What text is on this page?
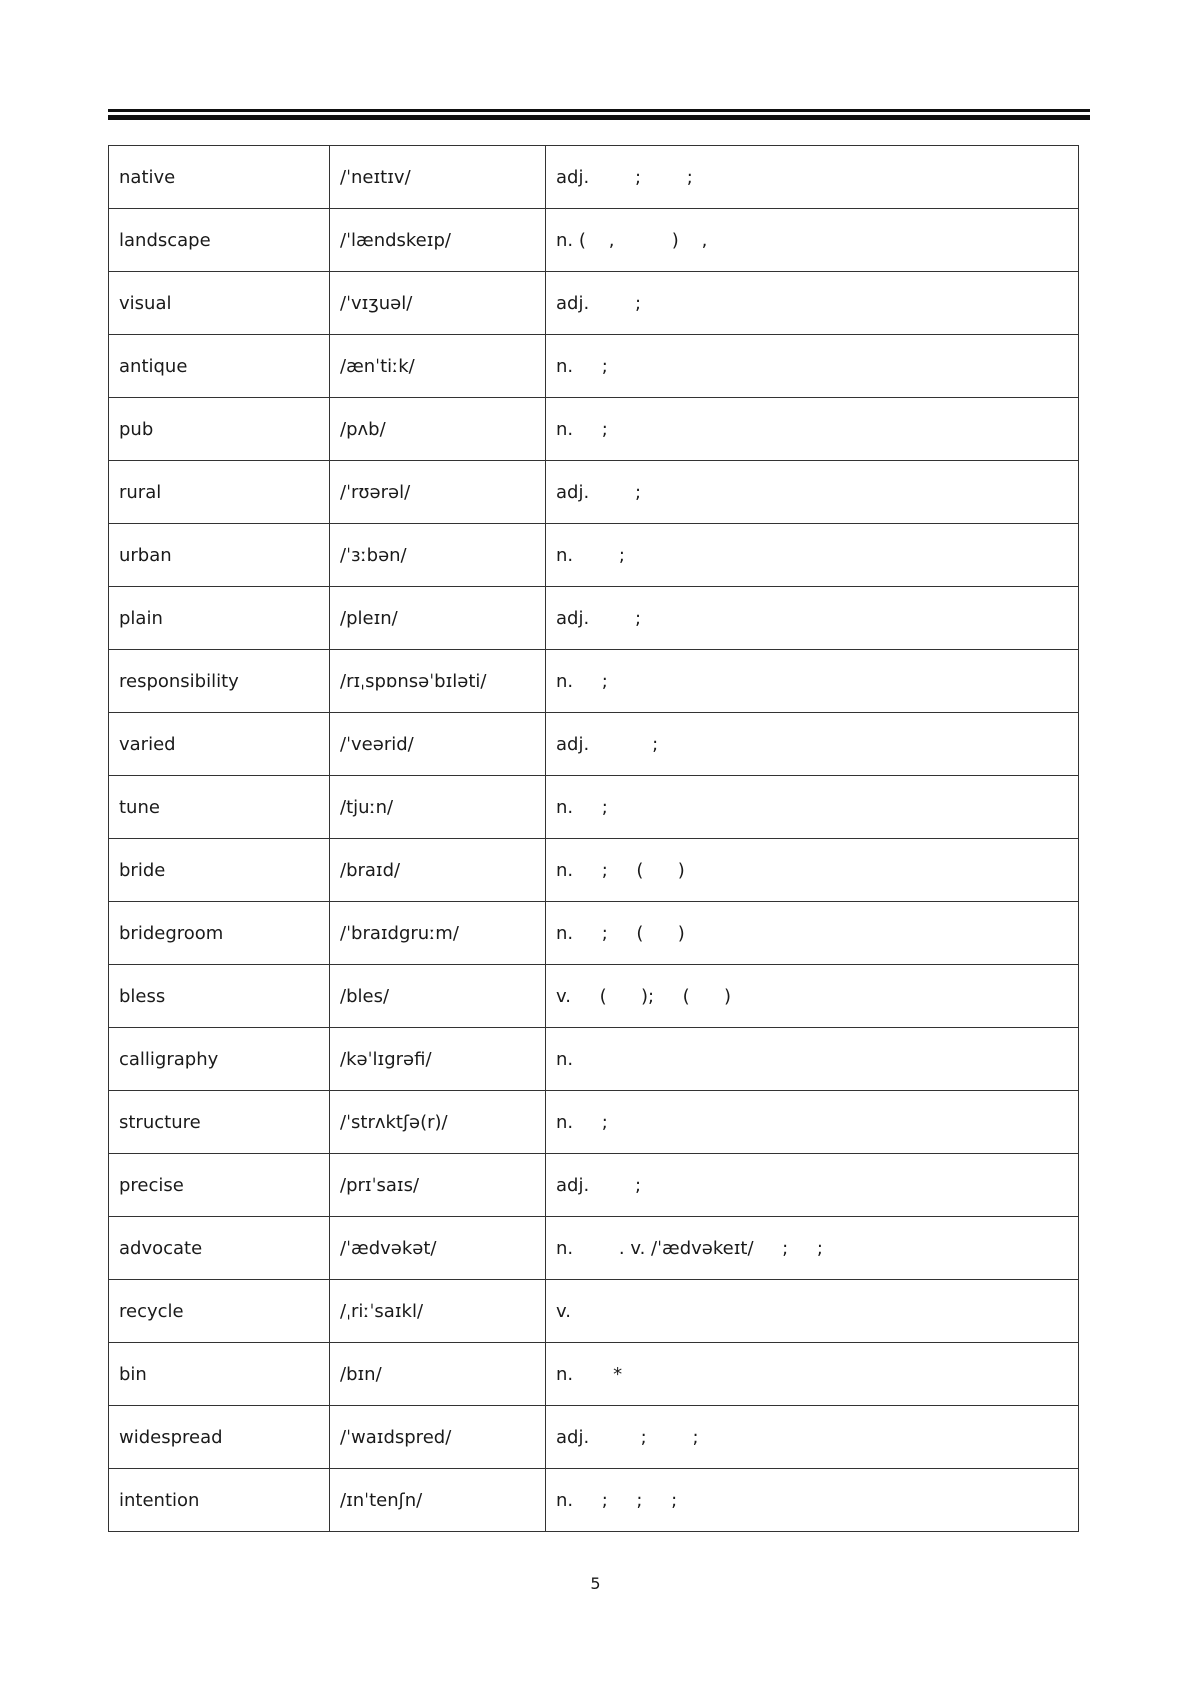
native	/ˈneɪtɪv/	adj.        ;        ;
landscape	/ˈlændskeɪp/	n. (    ,          )    ,
visual	/ˈvɪʒuəl/	adj.        ;
antique	/ænˈtiːk/	n.     ;
pub	/pʌb/	n.     ;
rural	/ˈrʊərəl/	adj.        ;
urban	/ˈɜːbən/	n.        ;
plain	/pleɪn/	adj.        ;
responsibility	/rɪˌspɒnsəˈbɪləti/	n.     ;
varied	/ˈveərid/	adj.           ;
tune	/tjuːn/	n.     ;
bride	/braɪd/	n.     ;     (      )
bridegroom	/ˈbraɪdgruːm/	n.     ;     (      )
bless	/bles/	v.     (      );     (      )
calligraphy	/kəˈlɪgrəfi/	n.
structure	/ˈstrʌktʃə(r)/	n.     ;
precise	/prɪˈsaɪs/	adj.        ;
advocate	/ˈædvəkət/	n.        . v. /ˈædvəkeɪt/     ;     ;
recycle	/ˌriːˈsaɪkl/	v.
bin	/bɪn/	n.       *
widespread	/ˈwaɪdspred/	adj.         ;        ;
intention	/ɪnˈtenʃn/	n.     ;     ;     ;
5
